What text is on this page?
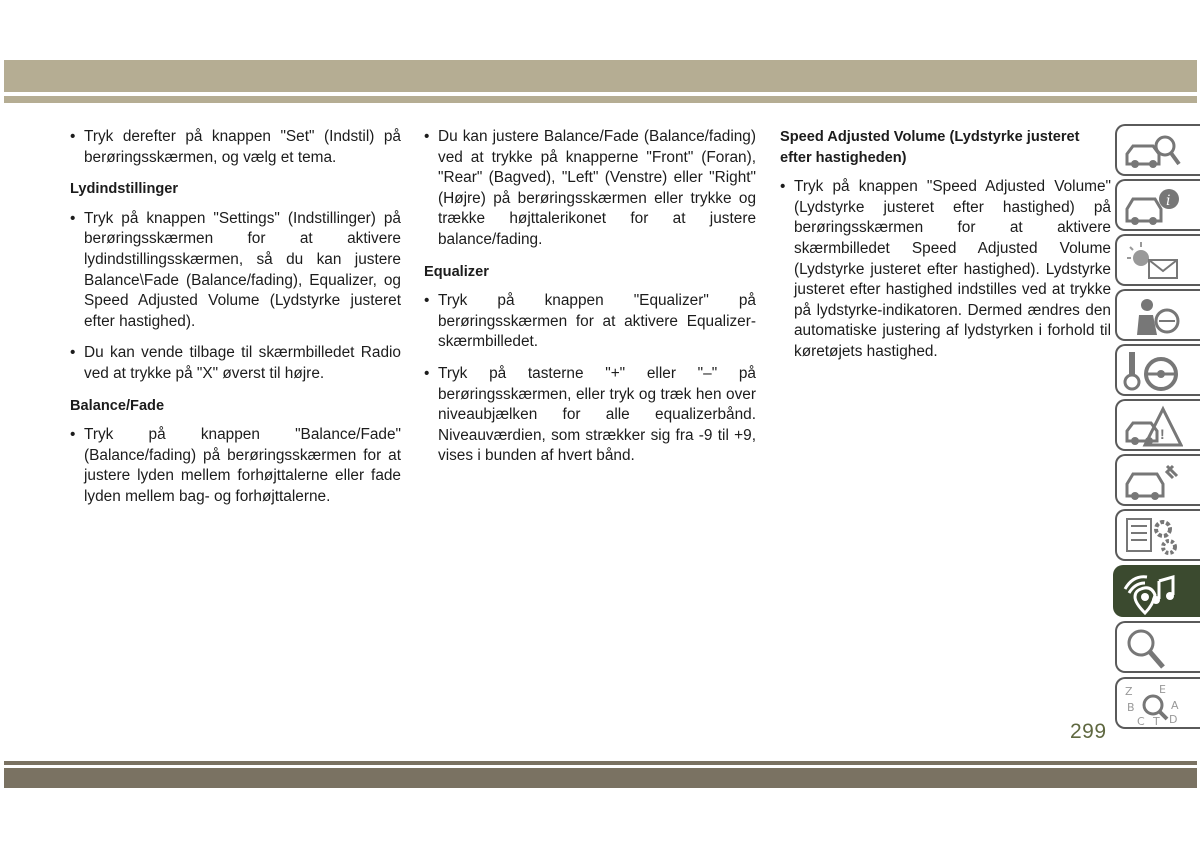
• Tryk derefter på knappen "Set" (Indstil) på berøringsskærmen, og vælg et tema.

Lydindstillinger

• Tryk på knappen "Settings" (Indstillinger) på berøringsskærmen for at aktivere lydindstillingsskærmen, så du kan justere Balance\Fade (Balance/fading), Equalizer, og Speed Adjusted Volume (Lydstyrke justeret efter hastighed).

• Du kan vende tilbage til skærmbilledet Radio ved at trykke på "X" øverst til højre.

Balance/Fade

• Tryk på knappen "Balance/Fade" (Balance/fading) på berøringsskærmen for at justere lyden mellem forhøjttalerne eller fade lyden mellem bag- og forhøjttalerne.

• Du kan justere Balance/Fade (Balance/fading) ved at trykke på knapperne "Front" (Foran), "Rear" (Bagved), "Left" (Venstre) eller "Right" (Højre) på berøringsskærmen eller trykke og trække højttalerikonet for at justere balance/fading.

Equalizer

• Tryk på knappen "Equalizer" på berøringsskærmen for at aktivere Equalizer-skærmbilledet.

• Tryk på tasterne "+" eller "–" på berøringsskærmen, eller tryk og træk hen over niveaubjælken for alle equalizerbånd. Niveauværdien, som strækker sig fra -9 til +9, vises i bunden af hvert bånd.

Speed Adjusted Volume (Lydstyrke justeret efter hastigheden)

• Tryk på knappen "Speed Adjusted Volume" (Lydstyrke justeret efter hastighed) på berøringsskærmen for at aktivere skærmbilledet Speed Adjusted Volume (Lydstyrke justeret efter hastighed). Lydstyrke justeret efter hastighed indstilles ved at trykke på lydstyrke-indikatoren. Dermed ændres den automatiske justering af lydstyrken i forhold til køretøjets hastighed.

i
!
Z E
B	A
C T D
299
